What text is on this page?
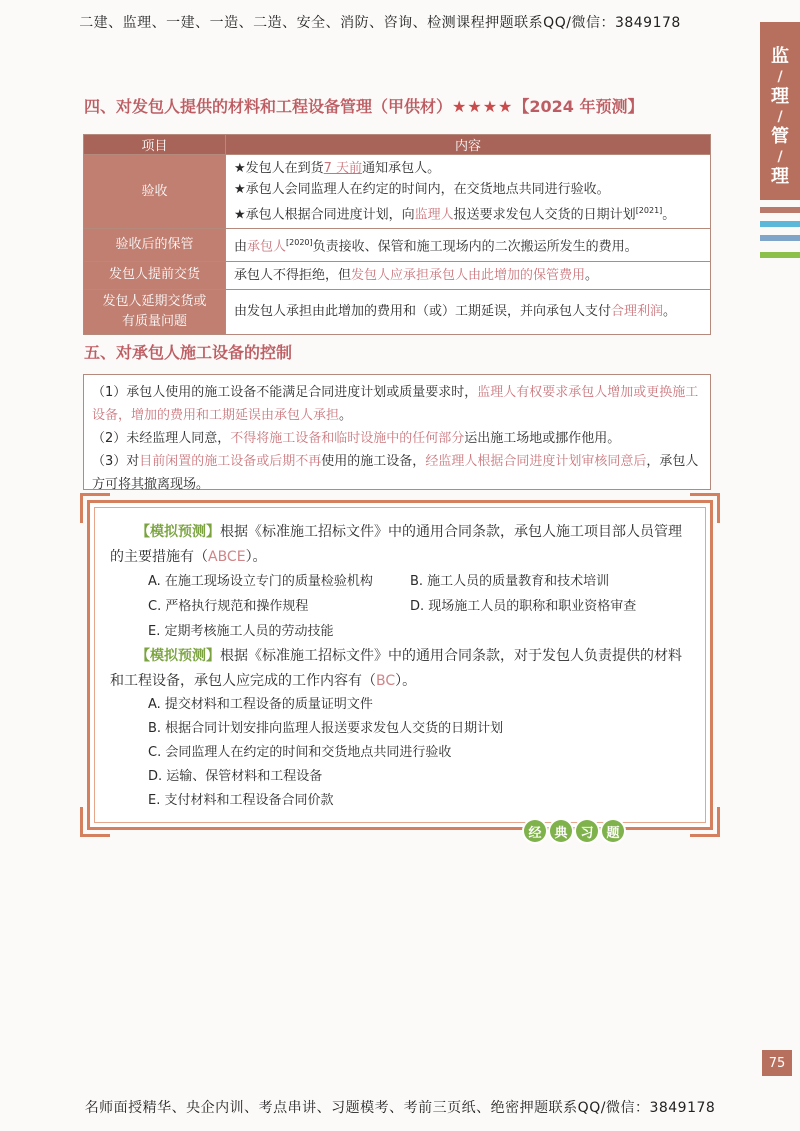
二建、监理、一建、一造、二造、安全、消防、咨询、检测课程押题联系QQ/微信：3849178
监
/
理
/
管
/
理
四、对发包人提供的材料和工程设备管理（甲供材）★★★★【2024 年预测】
项目	内容
验收	★发包人在到货7 天前通知承包人。
★承包人会同监理人在约定的时间内，在交货地点共同进行验收。
★承包人根据合同进度计划，向监理人报送要求发包人交货的日期计划[2021]。

验收后的保管	由承包人[2020]负责接收、保管和施工现场内的二次搬运所发生的费用。
发包人提前交货	承包人不得拒绝，但发包人应承担承包人由此增加的保管费用。

发包人延期交货或
有质量问题	由发包人承担由此增加的费用和（或）工期延误，并向承包人支付合理利润。
五、对承包人施工设备的控制
（1）承包人使用的施工设备不能满足合同进度计划或质量要求时，监理人有权要求承包人增加或更换施工设备，增加的费用和工期延误由承包人承担。
（2）未经监理人同意，不得将施工设备和临时设施中的任何部分运出施工场地或挪作他用。
（3）对目前闲置的施工设备或后期不再使用的施工设备，经监理人根据合同进度计划审核同意后，承包人方可将其撤离现场。
【模拟预测】根据《标准施工招标文件》中的通用合同条款，承包人施工项目部人员管理
的主要措施有（ABCE）。
A. 在施工现场设立专门的质量检验机构	B. 施工人员的质量教育和技术培训
C. 严格执行规范和操作规程	D. 现场施工人员的职称和职业资格审查
E. 定期考核施工人员的劳动技能
【模拟预测】根据《标准施工招标文件》中的通用合同条款，对于发包人负责提供的材料
和工程设备，承包人应完成的工作内容有（BC）。
A. 提交材料和工程设备的质量证明文件
B. 根据合同计划安排向监理人报送要求发包人交货的日期计划
C. 会同监理人在约定的时间和交货地点共同进行验收
D. 运输、保管材料和工程设备
E. 支付材料和工程设备合同价款
经 典 习 题
75
名师面授精华、央企内训、考点串讲、习题模考、考前三页纸、绝密押题联系QQ/微信：3849178
